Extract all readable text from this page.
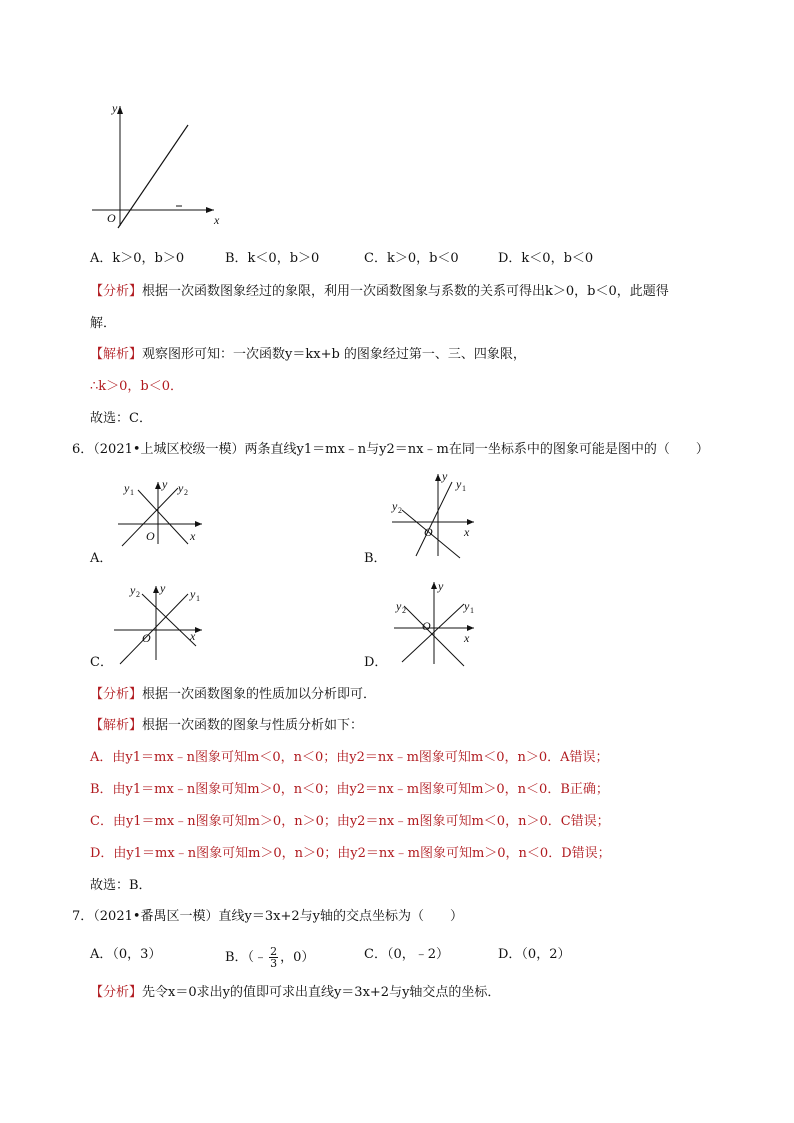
x
y
O
A．k＞0，b＞0	B．k＜0，b＞0	C．k＞0，b＜0	D．k＜0，b＜0
【分析】根据一次函数图象经过的象限，利用一次函数图象与系数的关系可得出k＞0，b＜0，此题得
解．
【解析】观察图形可知：一次函数y＝kx+b 的图象经过第一、三、四象限，
∴k＞0，b＜0．
故选：C．
6．（2021•上城区校级一模）两条直线y1＝mx﹣n与y2＝nx﹣m在同一坐标系中的图象可能是图中的（　　）
y
x
O
y 1	y 2
A．
y
x
O
y 1
y 2
B．
y
x
O
y 2	y 1
C．
y
x
O
y 2	y 1
D．
【分析】根据一次函数图象的性质加以分析即可．
【解析】根据一次函数的图象与性质分析如下：
A．由y1＝mx﹣n图象可知m＜0，n＜0；由y2＝nx﹣m图象可知m＜0，n＞0．A错误；
B．由y1＝mx﹣n图象可知m＞0，n＜0；由y2＝nx﹣m图象可知m＞0，n＜0．B正确；
C．由y1＝mx﹣n图象可知m＞0，n＞0；由y2＝nx﹣m图象可知m＜0，n＞0．C错误；
D．由y1＝mx﹣n图象可知m＞0，n＞0；由y2＝nx﹣m图象可知m＞0，n＜0．D错误；
故选：B．
7．（2021•番禺区一模）直线y＝3x+2与y轴的交点坐标为（　　）
A．（0，3）	B．（﹣ $\frac{2}{3}$ ，0）	C．（0，﹣2）	D．（0，2）
【分析】先令x＝0求出y的值即可求出直线y＝3x+2与y轴交点的坐标．
